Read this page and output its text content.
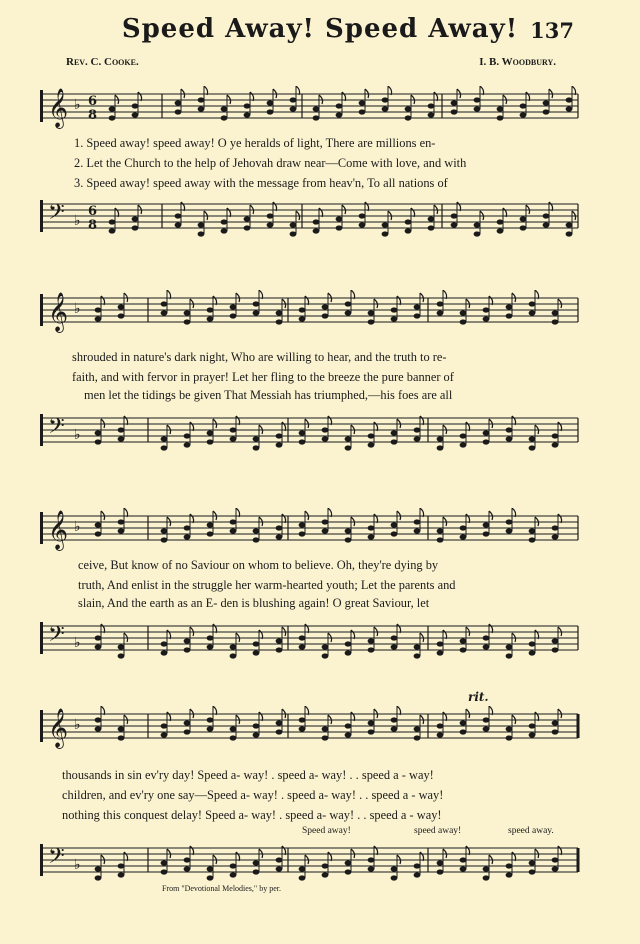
Speed Away! Speed Away! 137
Rev. C. Cooke.	I. B. Woodbury.
𝄞 ♭ 6
8
1. Speed away! speed away! O ye heralds of light, There are millions en-
2. Let the Church to the help of Jehovah draw near—Come with love, and with
3. Speed away! speed away with the message from heav'n, To all nations of
𝄢 ♭
6
8
𝄞 ♭
shrouded in nature's dark night, Who are willing to hear, and the truth to re-
faith, and with fervor in prayer! Let her fling to the breeze the pure banner of
men let the tidings be given That Messiah has triumphed,—his foes are all
𝄢 ♭
𝄞 ♭
ceive, But know of no Saviour on whom to believe. Oh, they're dying by
truth, And enlist in the struggle her warm-hearted youth; Let the parents and
slain, And the earth as an E- den is blushing again! O great Saviour, let
𝄢 ♭
rit.
𝄞 ♭
thousands in sin ev'ry day! Speed a- way! . speed a- way! . . speed a - way!
children, and ev'ry one say—Speed a- way! . speed a- way! . . speed a - way!
nothing this conquest delay! Speed a- way! . speed a- way! . . speed a - way!
Speed away!	speed away!	speed away.
𝄢 ♭
From "Devotional Melodies," by per.
